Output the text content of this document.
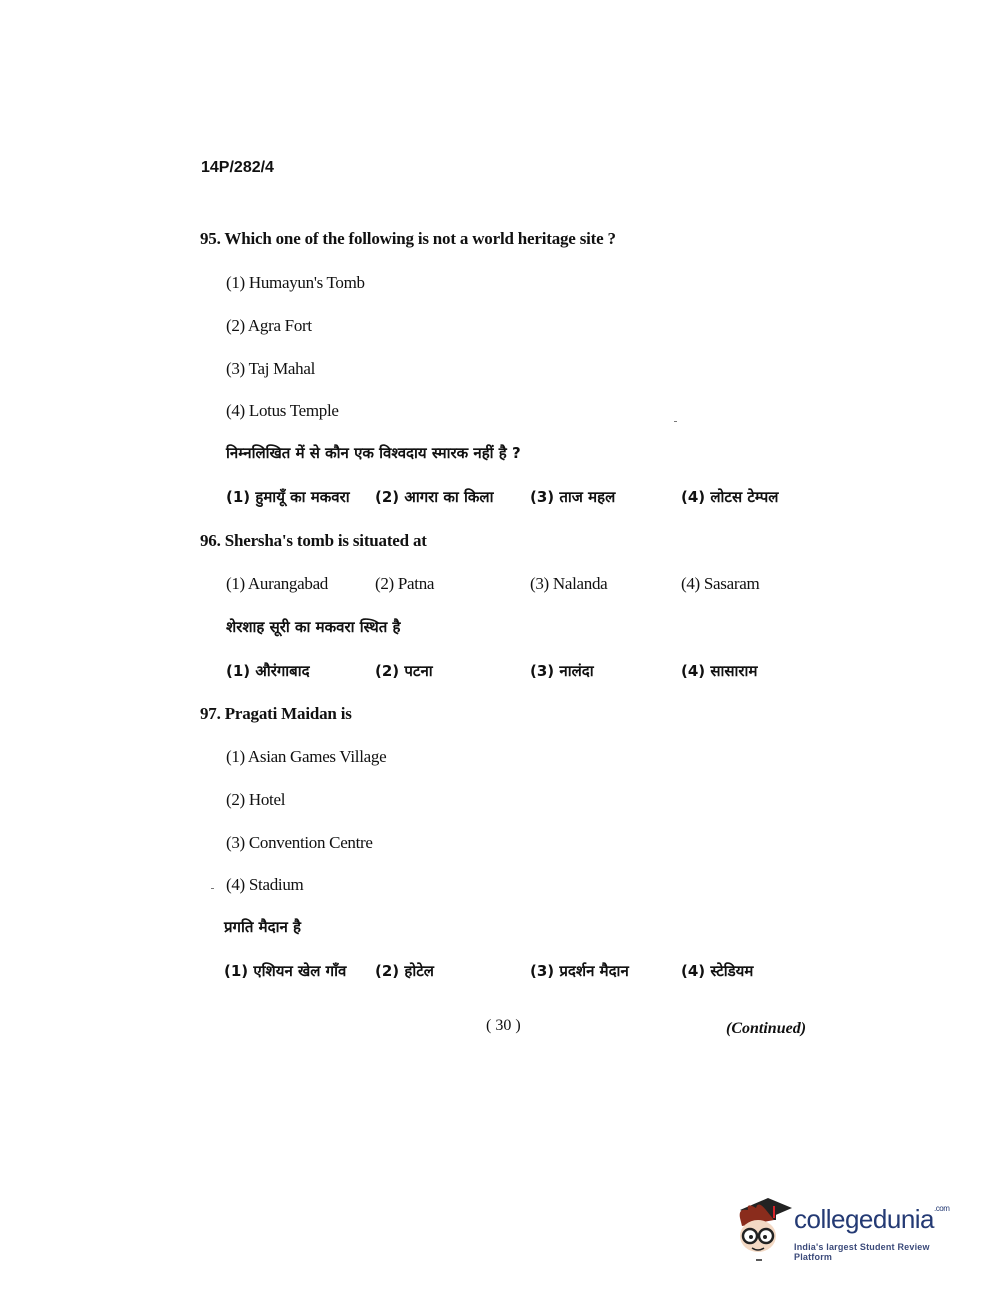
14P/282/4
95. Which one of the following is not a world heritage site ?
(1) Humayun's Tomb
(2) Agra Fort
(3) Taj Mahal
(4) Lotus Temple
निम्नलिखित में से कौन एक विश्वदाय स्मारक नहीं है ?
(1) हुमायूँ का मकवरा (2) आगरा का किला (3) ताज महल	(4) लोटस टेम्पल
96. Shersha's tomb is situated at
(1) Aurangabad	(2) Patna	(3) Nalanda	(4) Sasaram
शेरशाह सूरी का मकवरा स्थित है
(1) औरंगाबाद	(2) पटना	(3) नालंदा	(4) सासाराम
97. Pragati Maidan is
(1) Asian Games Village
(2) Hotel
(3) Convention Centre
(4) Stadium
प्रगति मैदान है
(1) एशियन खेल गाँव (2) होटेल	(3) प्रदर्शन मैदान	(4) स्टेडियम
( 30 )	(Continued)
collegedunia$^{.com}$
India's largest Student Review Platform
